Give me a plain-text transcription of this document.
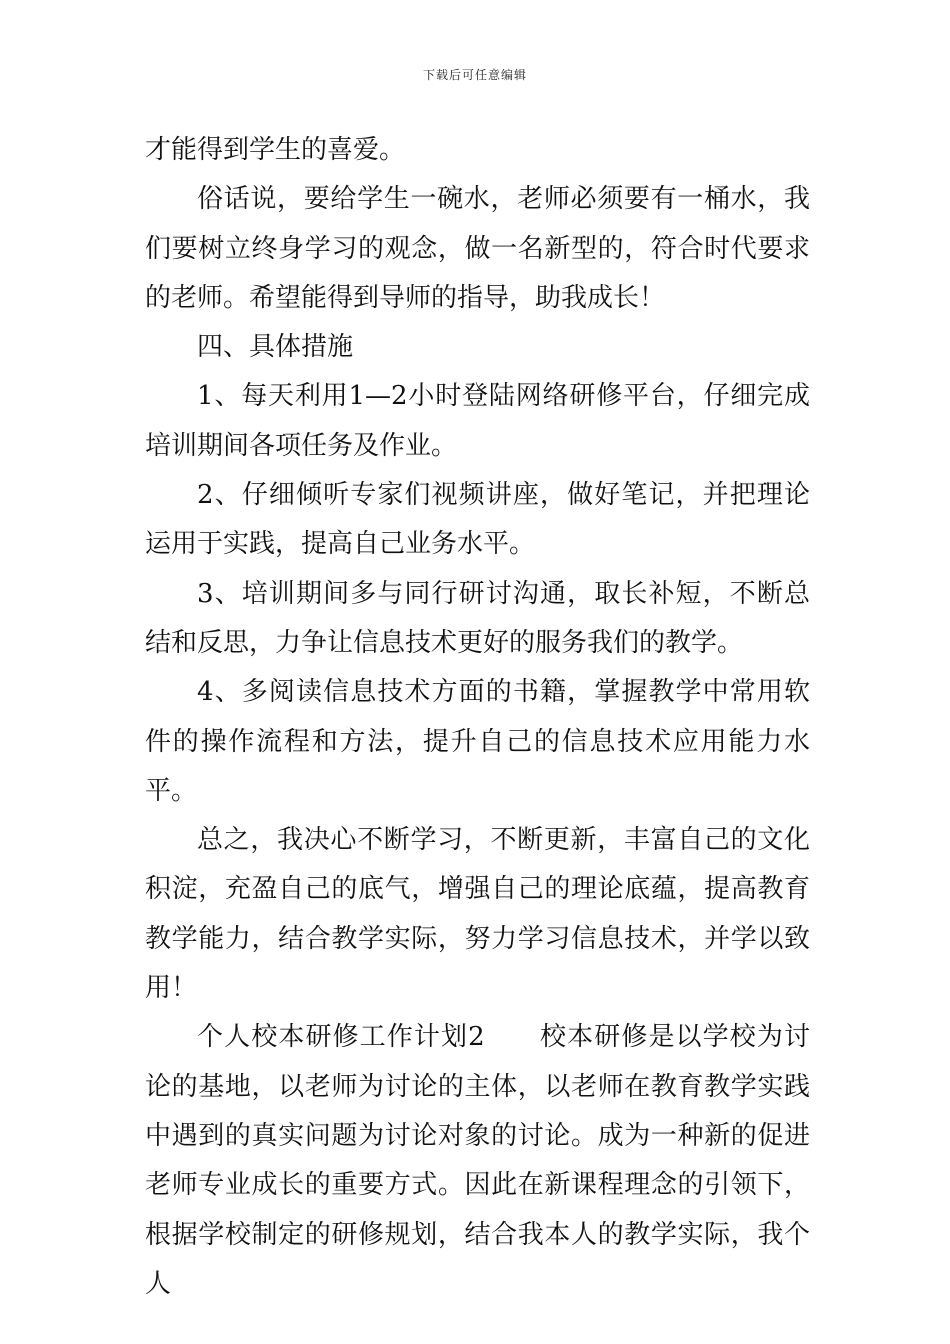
下载后可任意编辑

才能得到学生的喜爱。

俗话说，要给学生一碗水，老师必须要有一桶水，我们要树立终身学习的观念，做一名新型的，符合时代要求的老师。希望能得到导师的指导，助我成长！

四、具体措施

1、每天利用1—2小时登陆网络研修平台，仔细完成培训期间各项任务及作业。

2、仔细倾听专家们视频讲座，做好笔记，并把理论运用于实践，提高自己业务水平。

3、培训期间多与同行研讨沟通，取长补短，不断总结和反思，力争让信息技术更好的服务我们的教学。

4、多阅读信息技术方面的书籍，掌握教学中常用软件的操作流程和方法，提升自己的信息技术应用能力水平。

总之，我决心不断学习，不断更新，丰富自己的文化积淀，充盈自己的底气，增强自己的理论底蕴，提高教育教学能力，结合教学实际，努力学习信息技术，并学以致用！

个人校本研修工作计划2　　校本研修是以学校为讨论的基地，以老师为讨论的主体，以老师在教育教学实践中遇到的真实问题为讨论对象的讨论。成为一种新的促进老师专业成长的重要方式。因此在新课程理念的引领下，根据学校制定的研修规划，结合我本人的教学实际，我个人
